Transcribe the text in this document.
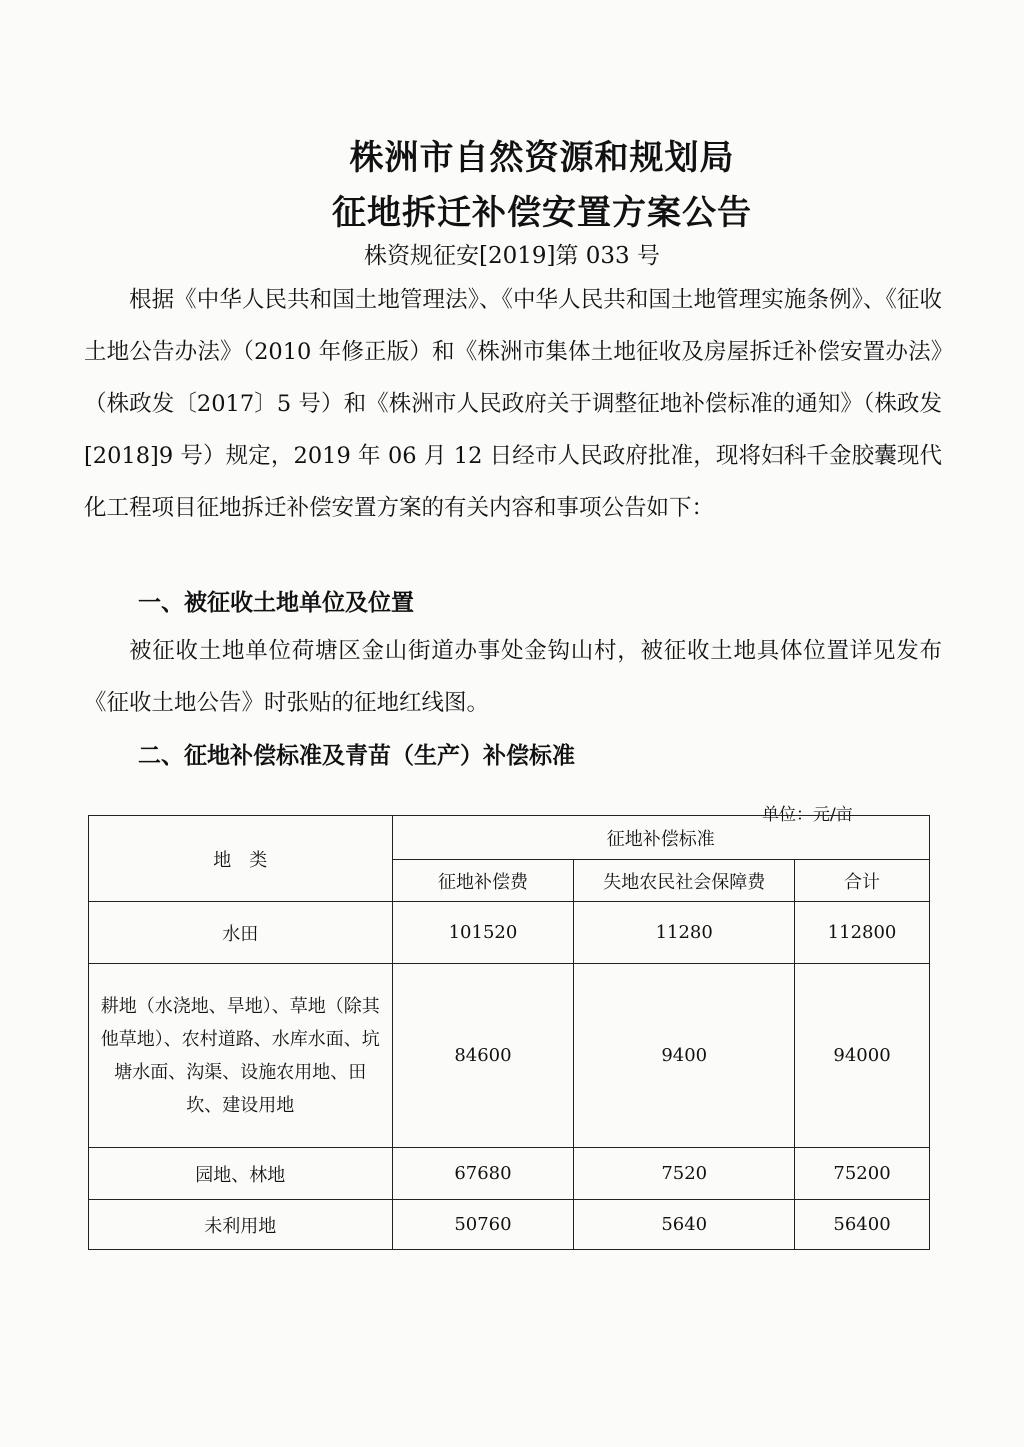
株洲市自然资源和规划局
征地拆迁补偿安置方案公告
株资规征安[2019]第 033 号
根据《中华人民共和国土地管理法》、《中华人民共和国土地管理实施条例》、《征收土地公告办法》（2010 年修正版）和《株洲市集体土地征收及房屋拆迁补偿安置办法》（株政发〔2017〕5 号）和《株洲市人民政府关于调整征地补偿标准的通知》（株政发[2018]9 号）规定，2019 年 06 月 12 日经市人民政府批准，现将妇科千金胶囊现代化工程项目征地拆迁补偿安置方案的有关内容和事项公告如下：
一、被征收土地单位及位置
被征收土地单位荷塘区金山街道办事处金钩山村，被征收土地具体位置详见发布《征收土地公告》时张贴的征地红线图。
二、征地补偿标准及青苗（生产）补偿标准
单位：元/亩
地　类	征地补偿标准		
	征地补偿费	失地农民社会保障费	合计
水田	101520	11280	112800
耕地（水浇地、旱地）、草地（除其他草地）、农村道路、水库水面、坑塘水面、沟渠、设施农用地、田坎、建设用地	84600	9400	94000
园地、林地	67680	7520	75200
未利用地	50760	5640	56400
